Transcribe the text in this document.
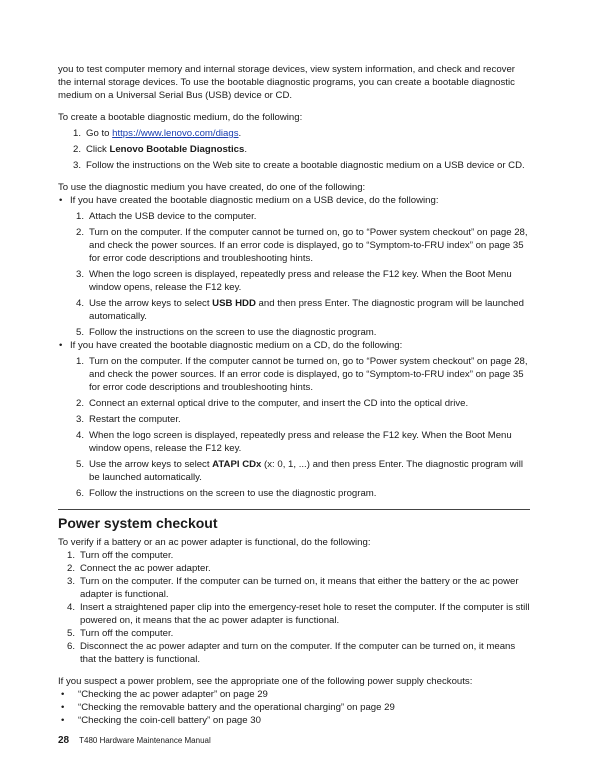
you to test computer memory and internal storage devices, view system information, and check and recover the internal storage devices. To use the bootable diagnostic programs, you can create a bootable diagnostic medium on a Universal Serial Bus (USB) device or CD.

To create a bootable diagnostic medium, do the following:

1. Go to https://www.lenovo.com/diags.
2. Click Lenovo Bootable Diagnostics.
3. Follow the instructions on the Web site to create a bootable diagnostic medium on a USB device or CD.

To use the diagnostic medium you have created, do one of the following:

• If you have created the bootable diagnostic medium on a USB device, do the following:
1. Attach the USB device to the computer.
2. Turn on the computer. If the computer cannot be turned on, go to “Power system checkout” on page 28, and check the power sources. If an error code is displayed, go to “Symptom-to-FRU index” on page 35 for error code descriptions and troubleshooting hints.
3. When the logo screen is displayed, repeatedly press and release the F12 key. When the Boot Menu window opens, release the F12 key.
4. Use the arrow keys to select USB HDD and then press Enter. The diagnostic program will be launched automatically.
5. Follow the instructions on the screen to use the diagnostic program.
• If you have created the bootable diagnostic medium on a CD, do the following:
1. Turn on the computer. If the computer cannot be turned on, go to “Power system checkout” on page 28, and check the power sources. If an error code is displayed, go to “Symptom-to-FRU index” on page 35 for error code descriptions and troubleshooting hints.
2. Connect an external optical drive to the computer, and insert the CD into the optical drive.
3. Restart the computer.
4. When the logo screen is displayed, repeatedly press and release the F12 key. When the Boot Menu window opens, release the F12 key.
5. Use the arrow keys to select ATAPI CDx (x: 0, 1, ...) and then press Enter. The diagnostic program will be launched automatically.
6. Follow the instructions on the screen to use the diagnostic program.
Power system checkout

To verify if a battery or an ac power adapter is functional, do the following:

1. Turn off the computer.
2. Connect the ac power adapter.
3. Turn on the computer. If the computer can be turned on, it means that either the battery or the ac power adapter is functional.
4. Insert a straightened paper clip into the emergency-reset hole to reset the computer. If the computer is still powered on, it means that the ac power adapter is functional.
5. Turn off the computer.
6. Disconnect the ac power adapter and turn on the computer. If the computer can be turned on, it means that the battery is functional.

If you suspect a power problem, see the appropriate one of the following power supply checkouts:

• “Checking the ac power adapter” on page 29
• “Checking the removable battery and the operational charging” on page 29
• “Checking the coin-cell battery” on page 30
28 T480 Hardware Maintenance Manual
